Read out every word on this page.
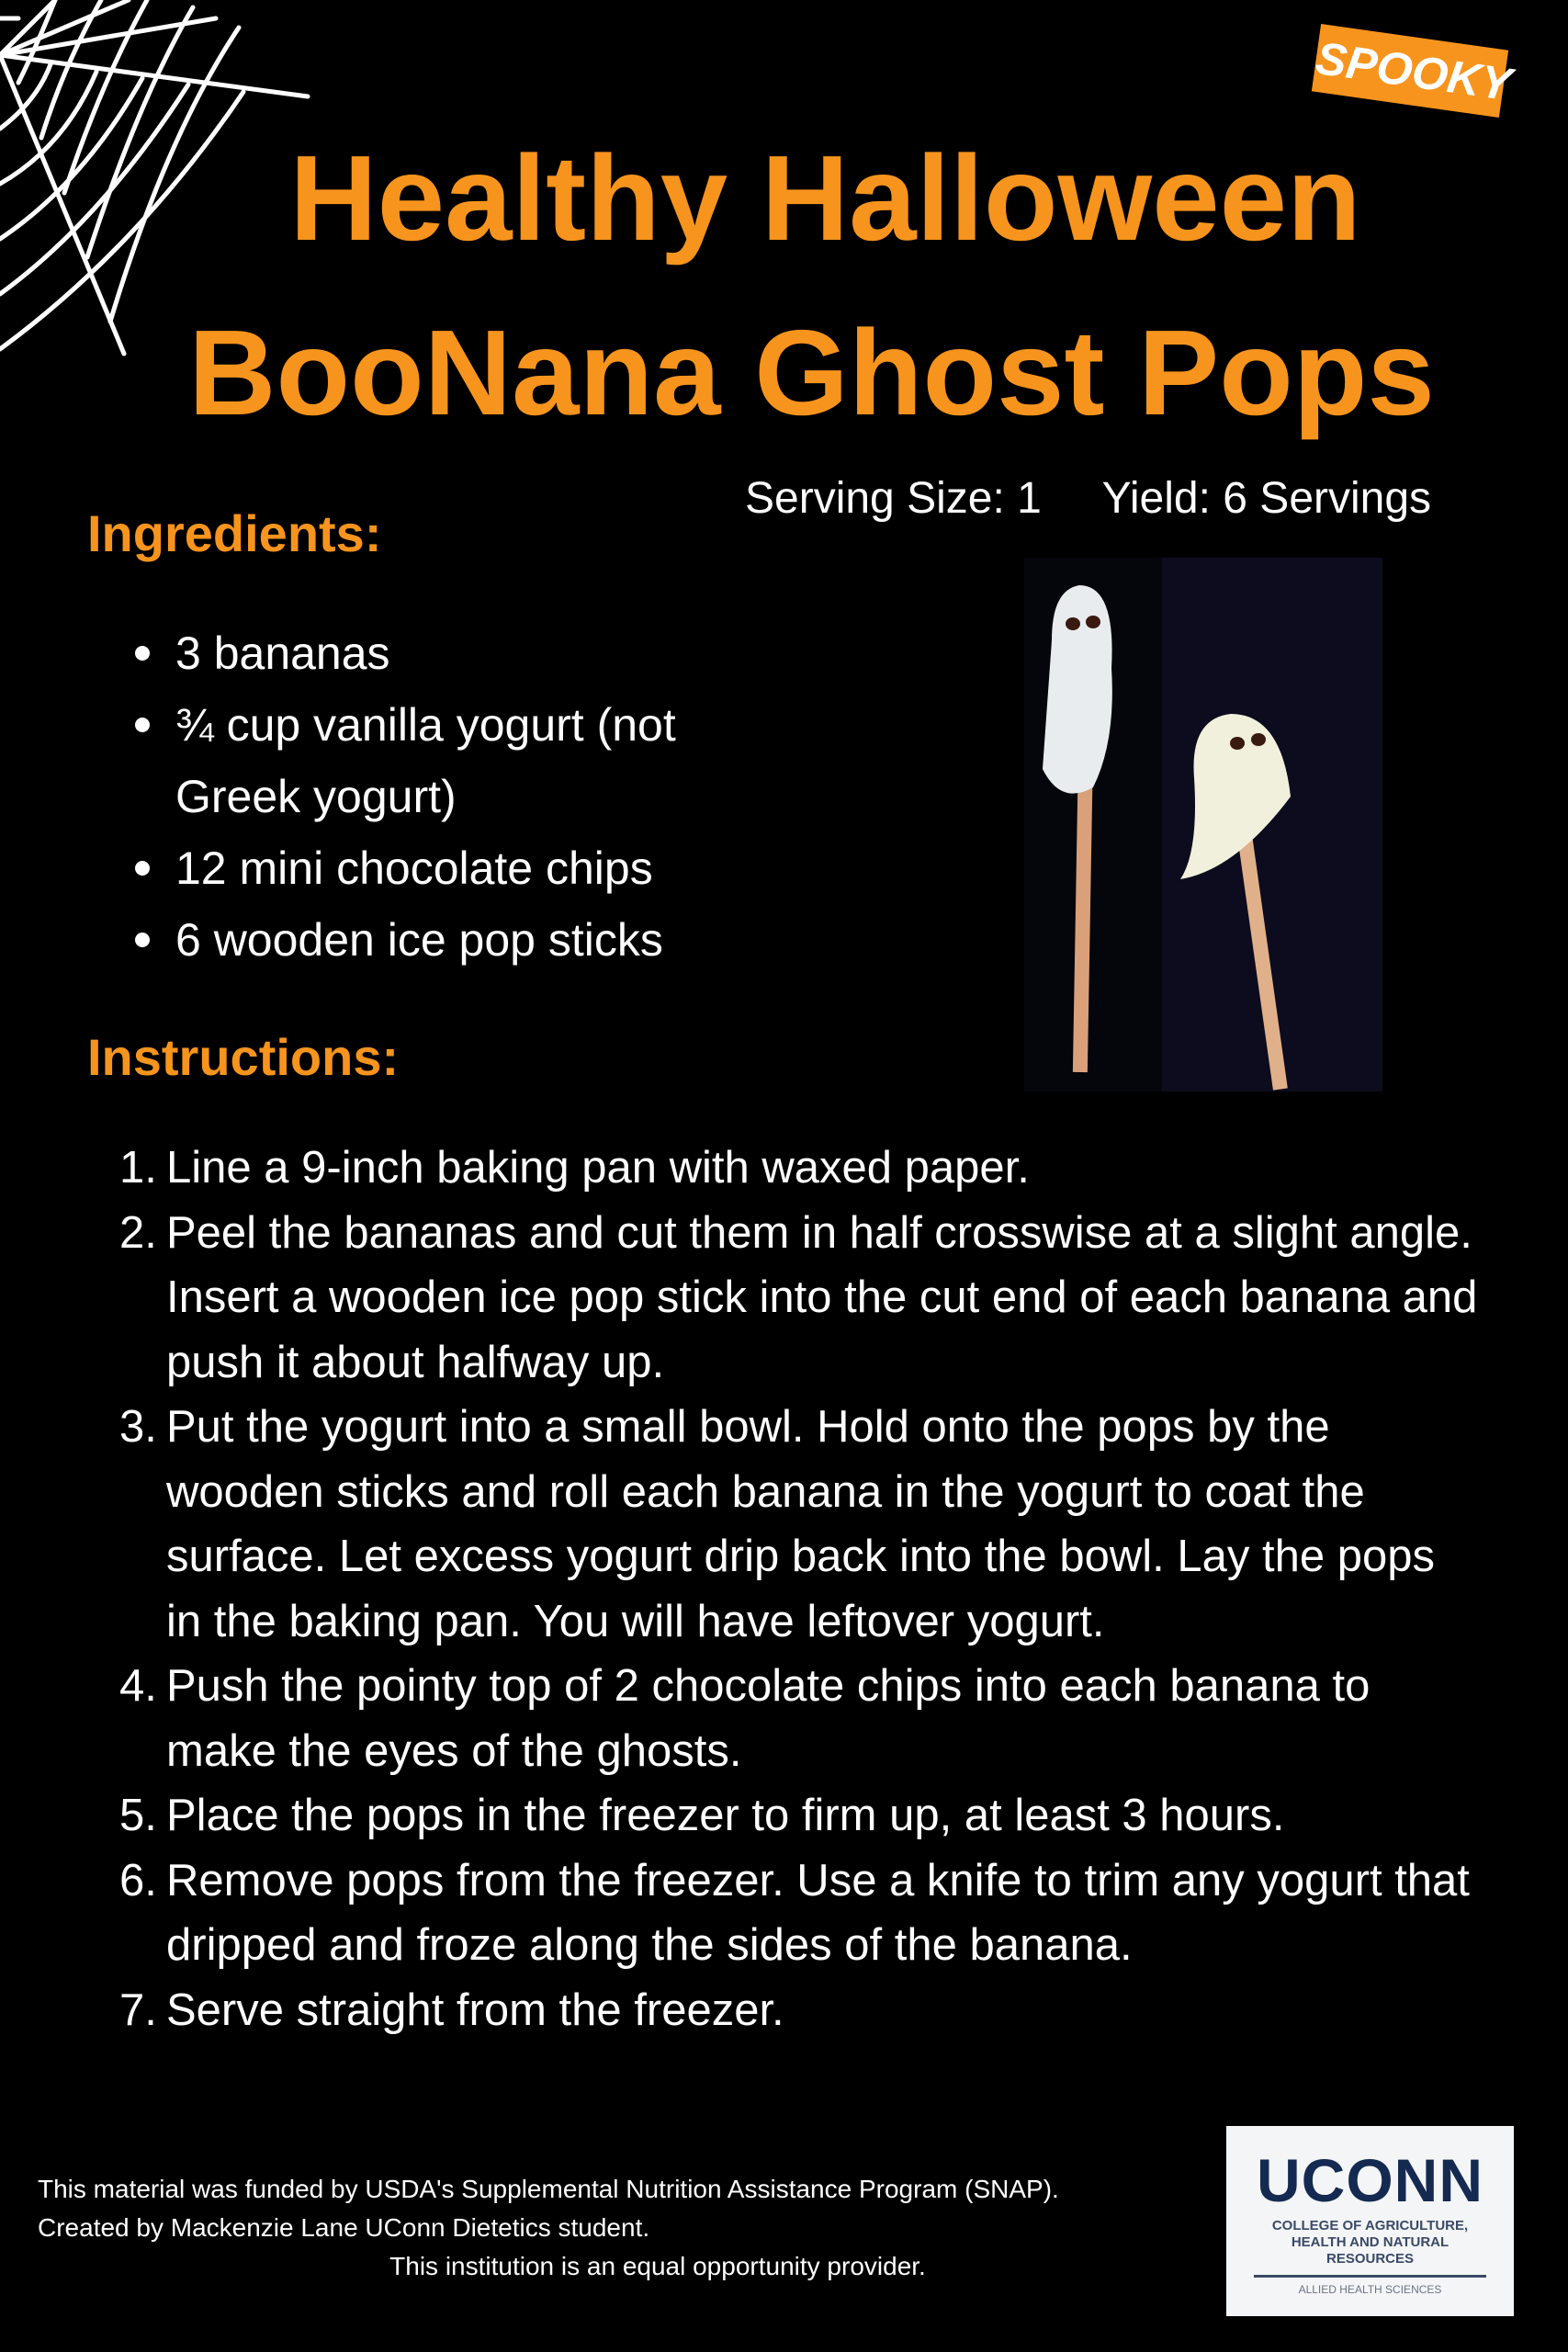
SPOOKY
Healthy Halloween
BooNana Ghost Pops
Serving Size: 1 Yield: 6 Servings
Ingredients:
3 bananas
¾ cup vanilla yogurt (not Greek yogurt)
12 mini chocolate chips
6 wooden ice pop sticks
Instructions:
1. Line a 9-inch baking pan with waxed paper.
2. Peel the bananas and cut them in half crosswise at a slight angle. Insert a wooden ice pop stick into the cut end of each banana and push it about halfway up.
3. Put the yogurt into a small bowl. Hold onto the pops by the wooden sticks and roll each banana in the yogurt to coat the surface. Let excess yogurt drip back into the bowl. Lay the pops in the baking pan. You will have leftover yogurt.
4. Push the pointy top of 2 chocolate chips into each banana to make the eyes of the ghosts.
5. Place the pops in the freezer to firm up, at least 3 hours.
6. Remove pops from the freezer. Use a knife to trim any yogurt that dripped and froze along the sides of the banana.
7. Serve straight from the freezer.
This material was funded by USDA's Supplemental Nutrition Assistance Program (SNAP).
Created by Mackenzie Lane UConn Dietetics student.
This institution is an equal opportunity provider.
UCONN
COLLEGE OF AGRICULTURE, HEALTH AND NATURAL RESOURCES
ALLIED HEALTH SCIENCES
